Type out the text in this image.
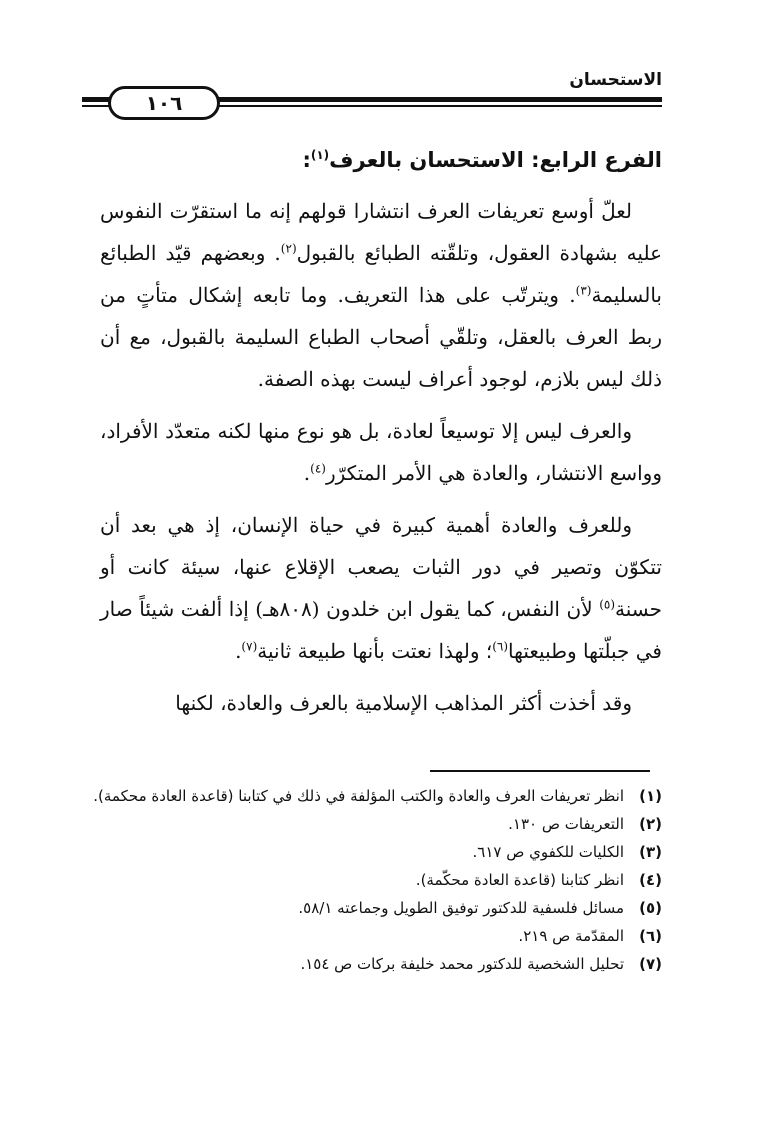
الاستحسان
١٠٦
الفرع الرابع: الاستحسان بالعرف$^{(١)}$:

لعلّ أوسع تعريفات العرف انتشارا قولهم إنه ما استقرّت النفوس عليه بشهادة العقول، وتلقّته الطبائع بالقبول$^{(٢)}$. وبعضهم قيّد الطبائع بالسليمة$^{(٣)}$. ويترتّب على هذا التعريف. وما تابعه إشكال متأتٍ من ربط العرف بالعقل، وتلقّي أصحاب الطباع السليمة بالقبول، مع أن ذلك ليس بلازم، لوجود أعراف ليست بهذه الصفة.

والعرف ليس إلا توسيعاً لعادة، بل هو نوع منها لكنه متعدّد الأفراد، وواسع الانتشار، والعادة هي الأمر المتكرّر$^{(٤)}$.

وللعرف والعادة أهمية كبيرة في حياة الإنسان، إذ هي بعد أن تتكوّن وتصير في دور الثبات يصعب الإقلاع عنها، سيئة كانت أو حسنة$^{(٥)}$ لأن النفس، كما يقول ابن خلدون (٨٠٨هـ) إذا ألفت شيئاً صار في جبلّتها وطبيعتها$^{(٦)}$؛ ولهذا نعتت بأنها طبيعة ثانية$^{(٧)}$.

وقد أخذت أكثر المذاهب الإسلامية بالعرف والعادة، لكنها

(١)
انظر تعريفات العرف والعادة والكتب المؤلفة في ذلك في كتابنا (قاعدة العادة محكمة).
(٢)
التعريفات ص ١٣٠.
(٣)
الكليات للكفوي ص ٦١٧.
(٤)
انظر كتابنا (قاعدة العادة محكّمة).
(٥)
مسائل فلسفية للدكتور توفيق الطويل وجماعته ٥٨/١.
(٦)
المقدّمة ص ٢١٩.
(٧)
تحليل الشخصية للدكتور محمد خليفة بركات ص ١٥٤.
